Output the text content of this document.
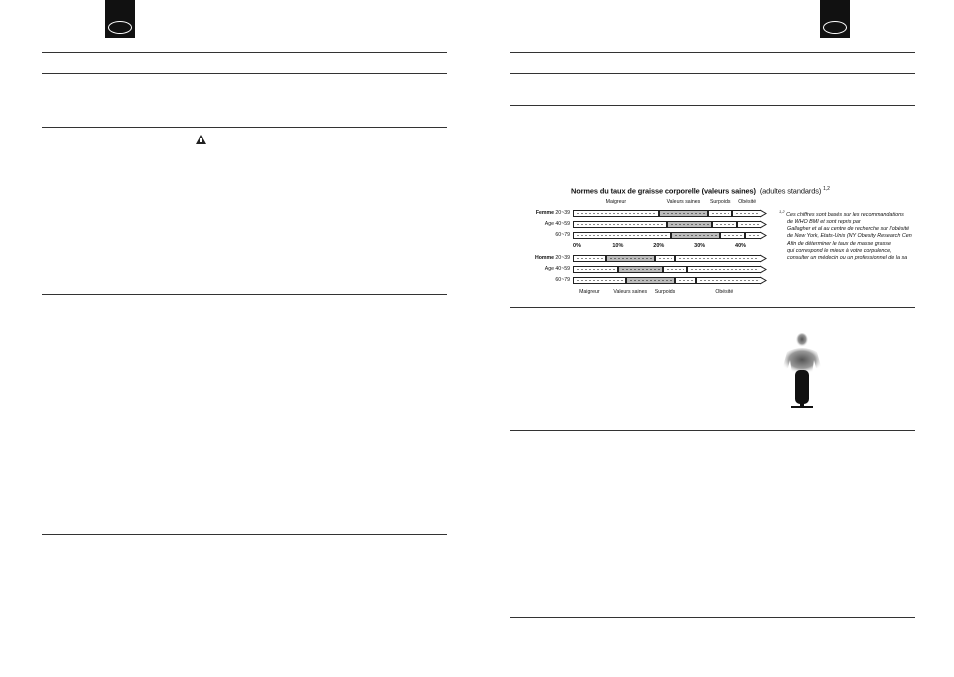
Normes du taux de graisse corporelle (valeurs saines) (adultes standards) $^{1,2}$
Maigreur	Valeurs saines Surpoids Obésité
Maigreur	Valeurs saines Surpoids	Obésité
Femme 20~39
Age 40~59
60~79
Homme 20~39
Age 40~59
60~79
0%	10%	20%	30%	40%
$^{1,2}$ Ces chiffres sont basés sur les recommandations
de WHO BMI et sont repris par
Gallagher et al au centre de recherche sur l'obésité
de New York, Etats-Unis (NY Obesity Research Cen
Afin de déterminer le taux de masse grasse
qui correspond le mieux à votre corpulence,
consulter un médecin ou un professionnel de la sa
